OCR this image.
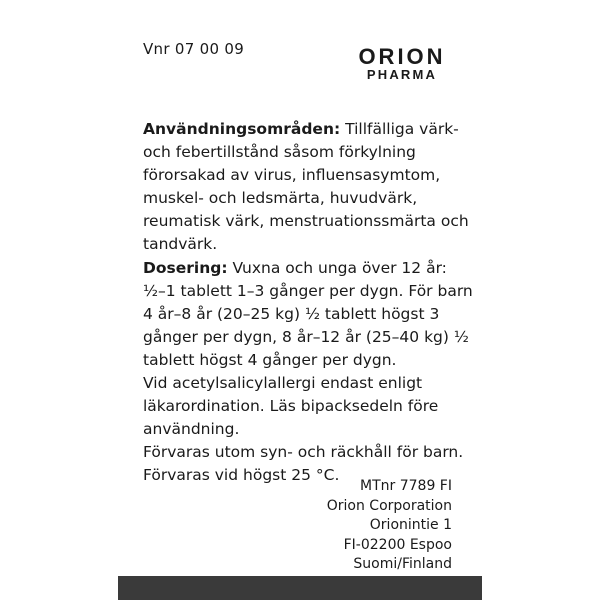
Vnr 07 00 09	ORION
PHARMA

Användningsområden: Tillfälliga värk- och febertillstånd såsom förkylning förorsakad av virus, influensasymtom, muskel- och ledsmärta, huvudvärk, reumatisk värk, menstruationssmärta och tandvärk.

Dosering: Vuxna och unga över 12 år: ½–1 tablett 1–3 gånger per dygn. För barn 4 år–8 år (20–25 kg) ½ tablett högst 3 gånger per dygn, 8 år–12 år (25–40 kg) ½ tablett högst 4 gånger per dygn.

Vid acetylsalicylallergi endast enligt läkarordination. Läs bipacksedeln före användning.

Förvaras utom syn- och räckhåll för barn.

Förvaras vid högst 25 °C.

MTnr 7789 FI
Orion Corporation
Orionintie 1
FI-02200 Espoo
Suomi/Finland
